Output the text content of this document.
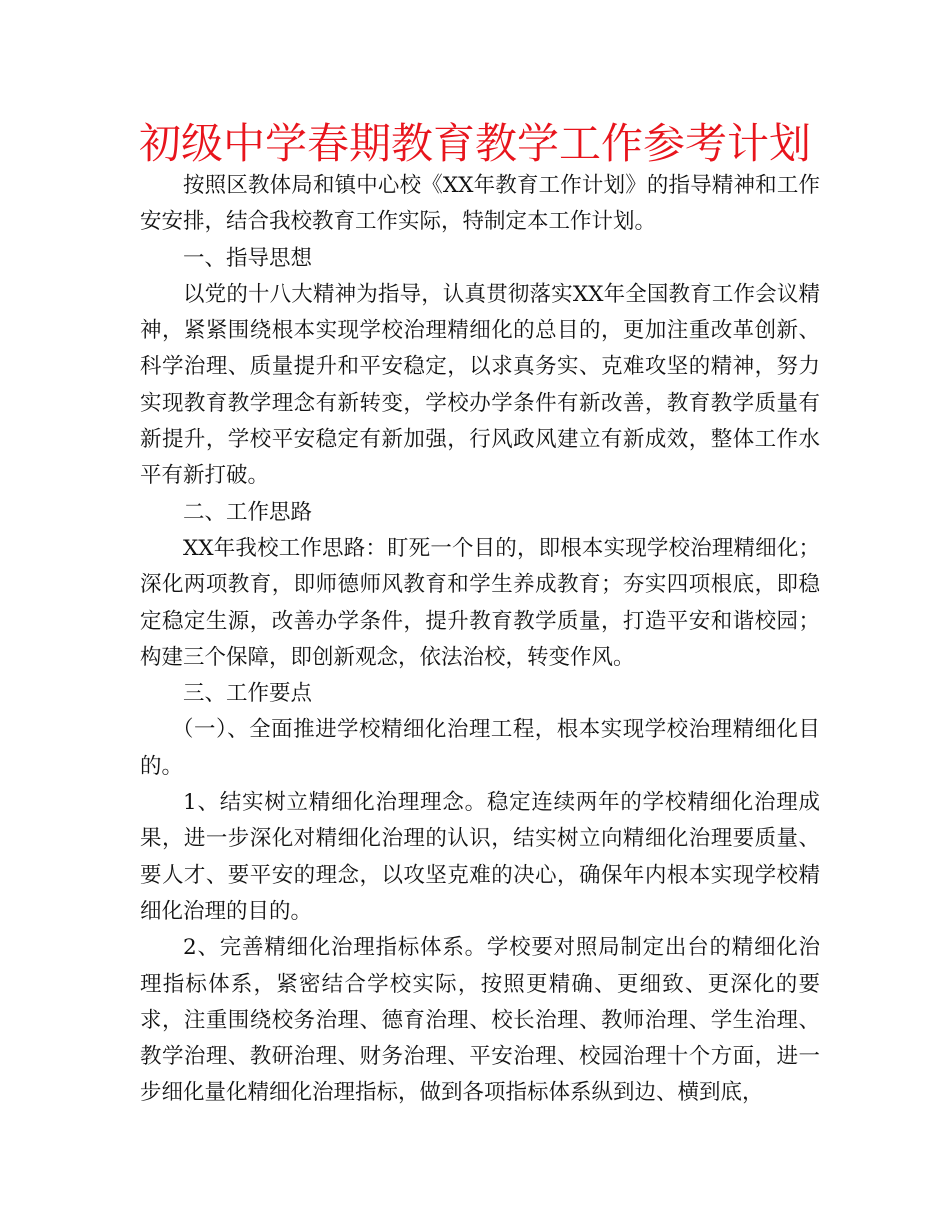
初级中学春期教育教学工作参考计划

按照区教体局和镇中心校《XX年教育工作计划》的指导精神和工作安安排，结合我校教育工作实际，特制定本工作计划。

一、指导思想

以党的十八大精神为指导，认真贯彻落实XX年全国教育工作会议精神，紧紧围绕根本实现学校治理精细化的总目的，更加注重改革创新、科学治理、质量提升和平安稳定，以求真务实、克难攻坚的精神，努力实现教育教学理念有新转变，学校办学条件有新改善，教育教学质量有新提升，学校平安稳定有新加强，行风政风建立有新成效，整体工作水平有新打破。

二、工作思路

XX年我校工作思路：盯死一个目的，即根本实现学校治理精细化；深化两项教育，即师德师风教育和学生养成教育；夯实四项根底，即稳定稳定生源，改善办学条件，提升教育教学质量，打造平安和谐校园；构建三个保障，即创新观念，依法治校，转变作风。

三、工作要点

（一）、全面推进学校精细化治理工程，根本实现学校治理精细化目的。

1、结实树立精细化治理理念。稳定连续两年的学校精细化治理成果，进一步深化对精细化治理的认识，结实树立向精细化治理要质量、要人才、要平安的理念，以攻坚克难的决心，确保年内根本实现学校精细化治理的目的。

2、完善精细化治理指标体系。学校要对照局制定出台的精细化治理指标体系，紧密结合学校实际，按照更精确、更细致、更深化的要求，注重围绕校务治理、德育治理、校长治理、教师治理、学生治理、教学治理、教研治理、财务治理、平安治理、校园治理十个方面，进一步细化量化精细化治理指标，做到各项指标体系纵到边、横到底，
